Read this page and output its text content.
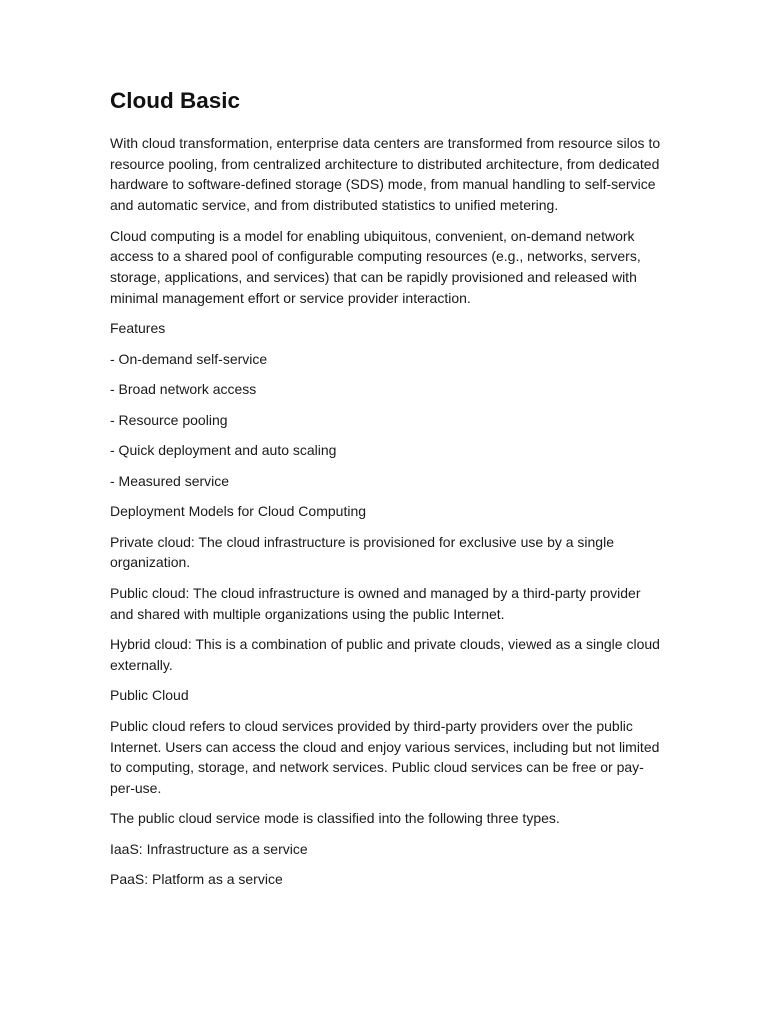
Cloud Basic

With cloud transformation, enterprise data centers are transformed from resource silos to resource pooling, from centralized architecture to distributed architecture, from dedicated hardware to software-defined storage (SDS) mode, from manual handling to self-service and automatic service, and from distributed statistics to unified metering.

Cloud computing is a model for enabling ubiquitous, convenient, on-demand network access to a shared pool of configurable computing resources (e.g., networks, servers, storage, applications, and services) that can be rapidly provisioned and released with minimal management effort or service provider interaction.

Features

- On-demand self-service

- Broad network access

- Resource pooling

- Quick deployment and auto scaling

- Measured service

Deployment Models for Cloud Computing

Private cloud: The cloud infrastructure is provisioned for exclusive use by a single organization.

Public cloud: The cloud infrastructure is owned and managed by a third-party provider and shared with multiple organizations using the public Internet.

Hybrid cloud: This is a combination of public and private clouds, viewed as a single cloud externally.

Public Cloud

Public cloud refers to cloud services provided by third-party providers over the public Internet. Users can access the cloud and enjoy various services, including but not limited to computing, storage, and network services. Public cloud services can be free or pay-per-use.

The public cloud service mode is classified into the following three types.

IaaS: Infrastructure as a service

PaaS: Platform as a service
